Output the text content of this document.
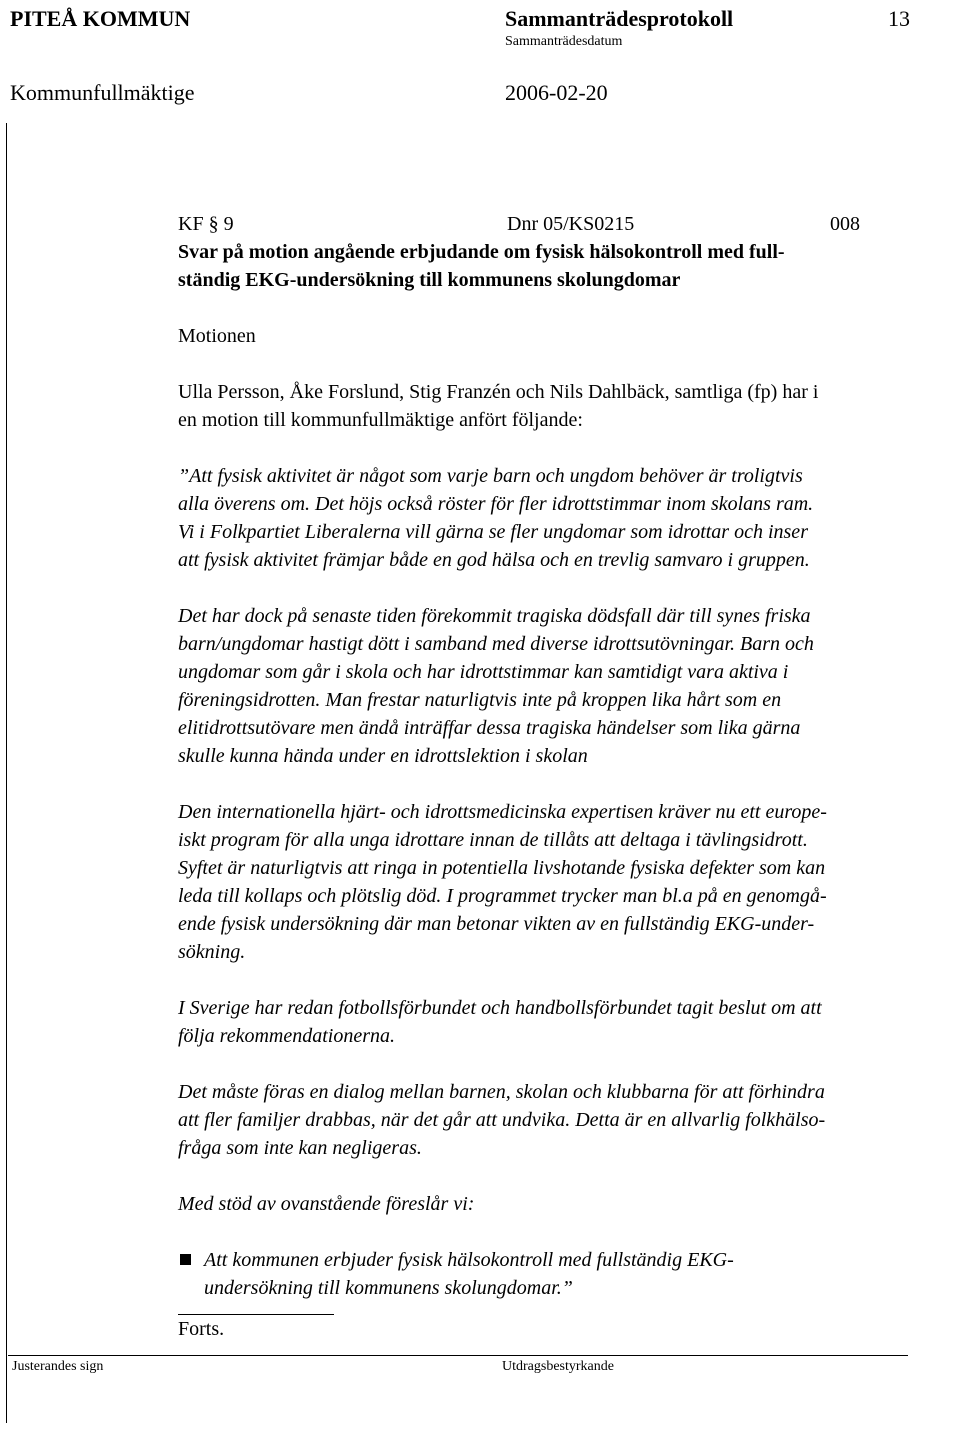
PITEÅ KOMMUN	Sammanträdesprotokoll	13
Sammanträdesdatum
Kommunfullmäktige	2006-02-20
KF § 9	Dnr 05/KS0215	008

Svar på motion angående erbjudande om fysisk hälsokontroll med full-

ständig EKG-undersökning till kommunens skolungdomar

Motionen

Ulla Persson, Åke Forslund, Stig Franzén och Nils Dahlbäck, samtliga (fp) har i

en motion till kommunfullmäktige anfört följande:

”Att fysisk aktivitet är något som varje barn och ungdom behöver är troligtvis

alla överens om. Det höjs också röster för fler idrottstimmar inom skolans ram.

Vi i Folkpartiet Liberalerna vill gärna se fler ungdomar som idrottar och inser

att fysisk aktivitet främjar både en god hälsa och en trevlig samvaro i gruppen.

Det har dock på senaste tiden förekommit tragiska dödsfall där till synes friska

barn/ungdomar hastigt dött i samband med diverse idrottsutövningar. Barn och

ungdomar som går i skola och har idrottstimmar kan samtidigt vara aktiva i

föreningsidrotten. Man frestar naturligtvis inte på kroppen lika hårt som en

elitidrottsutövare men ändå inträffar dessa tragiska händelser som lika gärna

skulle kunna hända under en idrottslektion i skolan

Den internationella hjärt- och idrottsmedicinska expertisen kräver nu ett europe-

iskt program för alla unga idrottare innan de tillåts att deltaga i tävlingsidrott.

Syftet är naturligtvis att ringa in potentiella livshotande fysiska defekter som kan

leda till kollaps och plötslig död. I programmet trycker man bl.a på en genomgå-

ende fysisk undersökning där man betonar vikten av en fullständig EKG-under-

sökning.

I Sverige har redan fotbollsförbundet och handbollsförbundet tagit beslut om att

följa rekommendationerna.

Det måste föras en dialog mellan barnen, skolan och klubbarna för att förhindra

att fler familjer drabbas, när det går att undvika. Detta är en allvarlig folkhälso-

fråga som inte kan negligeras.

Med stöd av ovanstående föreslår vi:

Att kommunen erbjuder fysisk hälsokontroll med fullständig EKG-

undersökning till kommunens skolungdomar.”

Forts.

Justerandes sign	Utdragsbestyrkande
